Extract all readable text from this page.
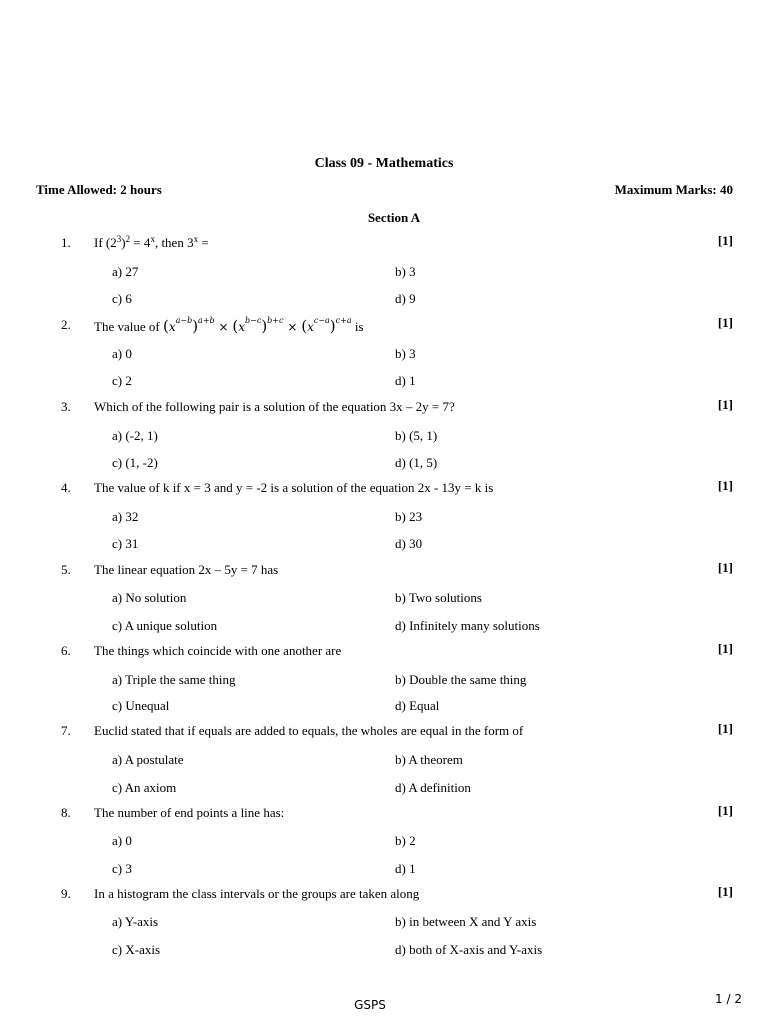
Class 09 - Mathematics
Time Allowed: 2 hours	Maximum Marks: 40
Section A
1. If $(2^3)^2 = 4^x$, then $3^x$ =	[1]
a) 27	b) 3
c) 6	d) 9
2. The value of $(x^{a-b})^{a+b} \times (x^{b-c})^{b+c} \times (x^{c-a})^{c+a}$ is	[1]
a) 0	b) 3
c) 2	d) 1
3. Which of the following pair is a solution of the equation 3x – 2y = 7?	[1]
a) (-2, 1)	b) (5, 1)
c) (1, -2)	d) (1, 5)
4. The value of k if x = 3 and y = -2 is a solution of the equation 2x - 13y = k is	[1]
a) 32	b) 23
c) 31	d) 30
5. The linear equation 2x – 5y = 7 has	[1]
a) No solution	b) Two solutions
c) A unique solution	d) Infinitely many solutions
6. The things which coincide with one another are	[1]
a) Triple the same thing	b) Double the same thing
c) Unequal	d) Equal
7. Euclid stated that if equals are added to equals, the wholes are equal in the form of	[1]
a) A postulate	b) A theorem
c) An axiom	d) A definition
8. The number of end points a line has:	[1]
a) 0	b) 2
c) 3	d) 1
9. In a histogram the class intervals or the groups are taken along	[1]
a) Y-axis	b) in between X and Y axis
c) X-axis	d) both of X-axis and Y-axis
GSPS	1 / 2
